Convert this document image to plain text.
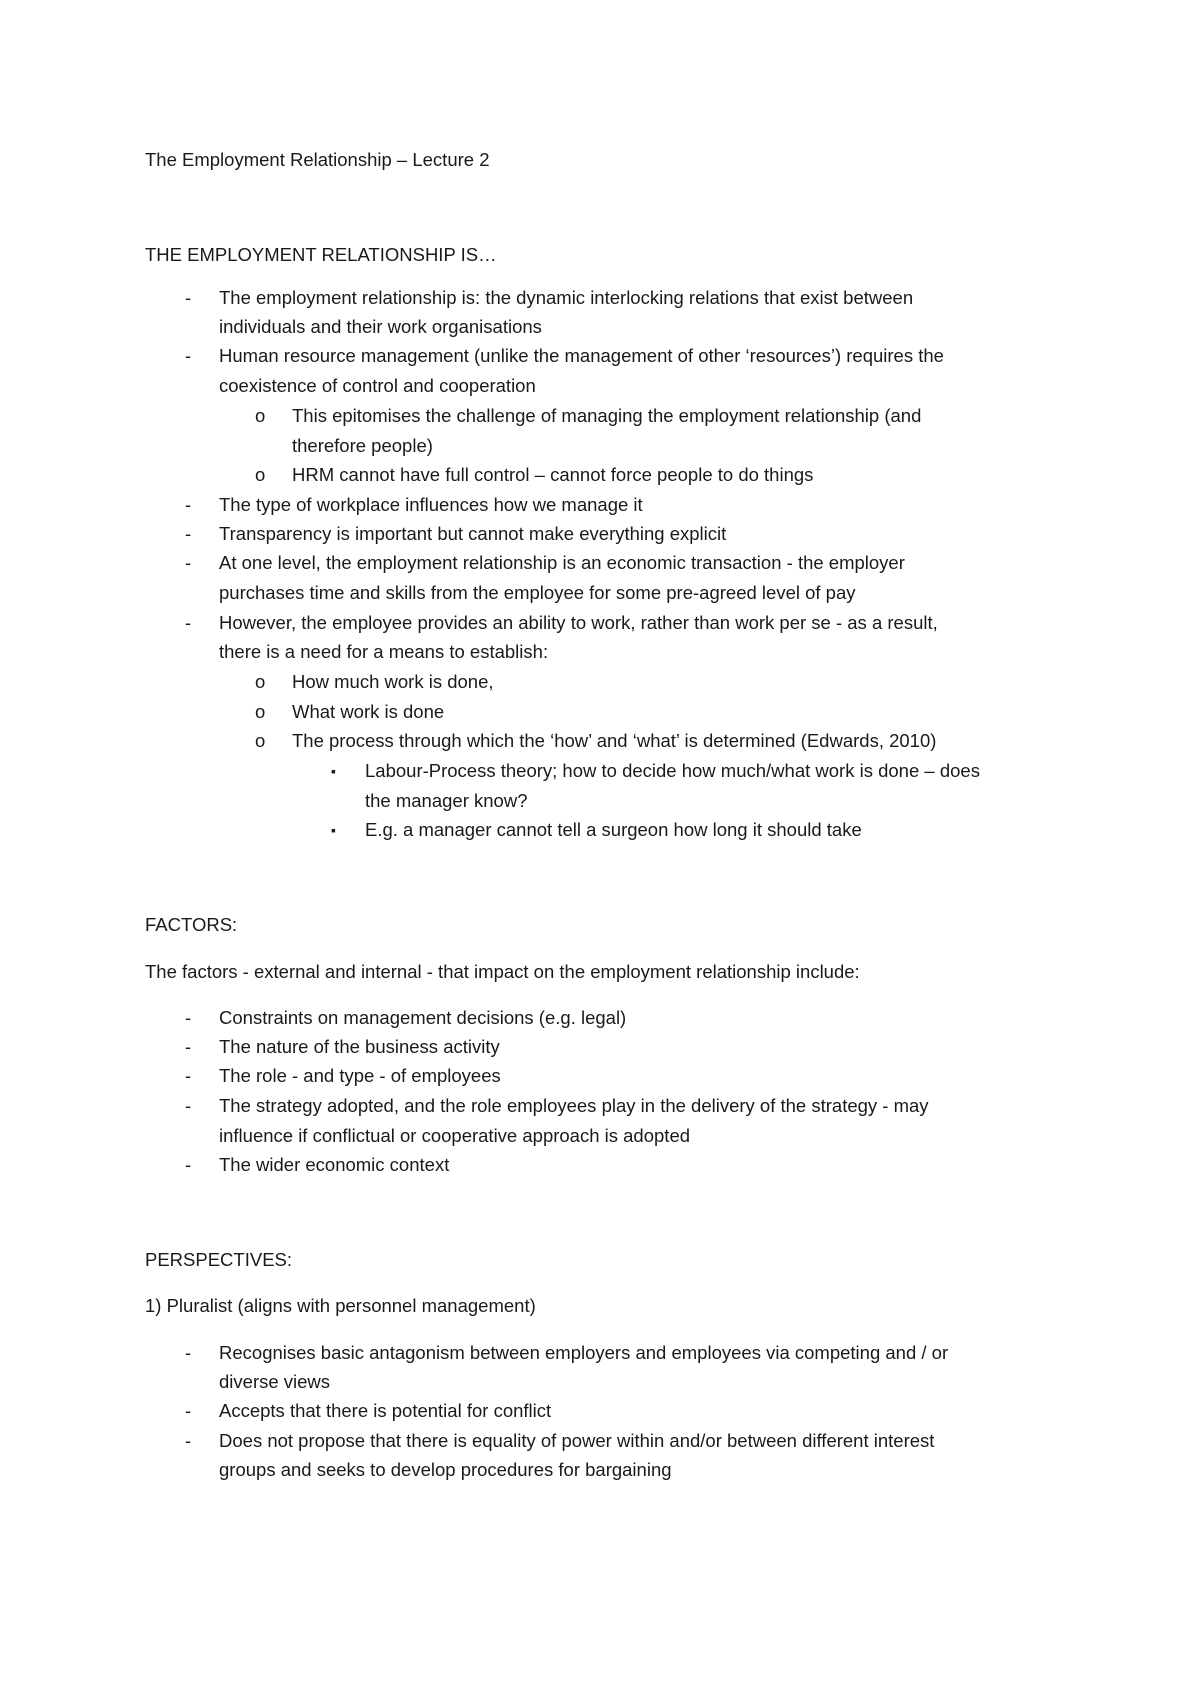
The Employment Relationship – Lecture 2
THE EMPLOYMENT RELATIONSHIP IS…
- The employment relationship is: the dynamic interlocking relations that exist between
individuals and their work organisations
- Human resource management (unlike the management of other ‘resources’) requires the
coexistence of control and cooperation
o This epitomises the challenge of managing the employment relationship (and
therefore people)
o HRM cannot have full control – cannot force people to do things
- The type of workplace influences how we manage it
- Transparency is important but cannot make everything explicit
- At one level, the employment relationship is an economic transaction - the employer
purchases time and skills from the employee for some pre-agreed level of pay
- However, the employee provides an ability to work, rather than work per se - as a result,
there is a need for a means to establish:
o How much work is done,
o What work is done
o The process through which the ‘how’ and ‘what’ is determined (Edwards, 2010)
▪ Labour-Process theory; how to decide how much/what work is done – does
the manager know?
▪ E.g. a manager cannot tell a surgeon how long it should take
FACTORS:
The factors - external and internal - that impact on the employment relationship include:
- Constraints on management decisions (e.g. legal)
- The nature of the business activity
- The role - and type - of employees
- The strategy adopted, and the role employees play in the delivery of the strategy - may
influence if conflictual or cooperative approach is adopted
- The wider economic context
PERSPECTIVES:
1) Pluralist (aligns with personnel management)
- Recognises basic antagonism between employers and employees via competing and / or
diverse views
- Accepts that there is potential for conflict
- Does not propose that there is equality of power within and/or between different interest
groups and seeks to develop procedures for bargaining
